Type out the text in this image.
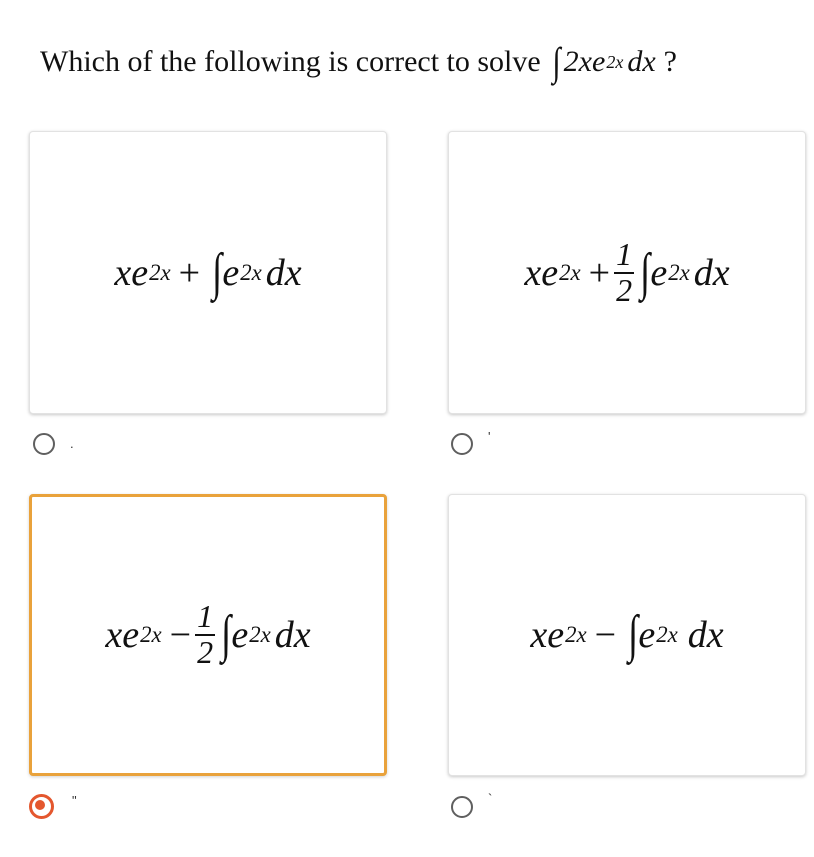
Which of the following is correct to solve ∫ 2xe 2x dx ?
xe 2x + ∫ e 2x dx
.
xe $2x + \frac{1}{2}$ ∫ e 2x dx
'
xe $2x - \frac{1}{2}$ ∫ e 2x dx
"
xe 2x − ∫ e 2x dx
`
